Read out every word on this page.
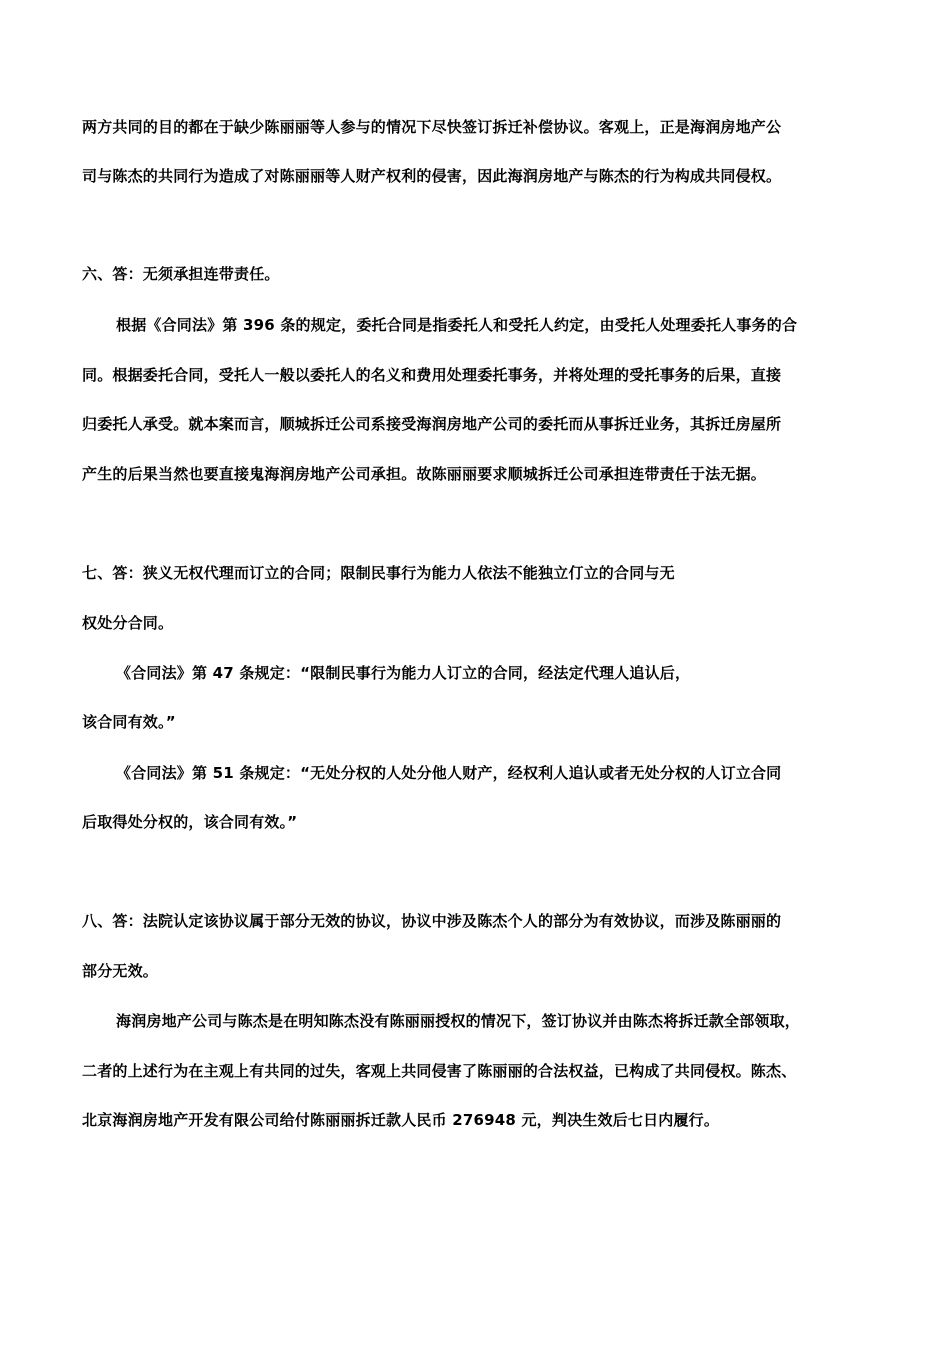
两方共同的目的都在于缺少陈丽丽等人参与的情况下尽快签订拆迁补偿协议。客观上，正是海润房地产公
司与陈杰的共同行为造成了对陈丽丽等人财产权利的侵害，因此海润房地产与陈杰的行为构成共同侵权。
六、答：无须承担连带责任。
根据《合同法》第 396 条的规定，委托合同是指委托人和受托人约定，由受托人处理委托人事务的合
同。根据委托合同，受托人一般以委托人的名义和费用处理委托事务，并将处理的受托事务的后果，直接
归委托人承受。就本案而言，顺城拆迁公司系接受海润房地产公司的委托而从事拆迁业务，其拆迁房屋所
产生的后果当然也要直接鬼海润房地产公司承担。故陈丽丽要求顺城拆迁公司承担连带责任于法无据。
七、答：狭义无权代理而订立的合同；限制民事行为能力人依法不能独立仃立的合同与无
权处分合同。
《合同法》第 47 条规定：“限制民事行为能力人订立的合同，经法定代理人追认后，
该合同有效。”
《合同法》第 51 条规定：“无处分权的人处分他人财产，经权利人追认或者无处分权的人订立合同
后取得处分权的，该合同有效。”
八、答：法院认定该协议属于部分无效的协议，协议中涉及陈杰个人的部分为有效协议，而涉及陈丽丽的
部分无效。
海润房地产公司与陈杰是在明知陈杰没有陈丽丽授权的情况下，签订协议并由陈杰将拆迁款全部领取，
二者的上述行为在主观上有共同的过失，客观上共同侵害了陈丽丽的合法权益，已构成了共同侵权。陈杰、
北京海润房地产开发有限公司给付陈丽丽拆迁款人民币 276948 元，判决生效后七日内履行。
